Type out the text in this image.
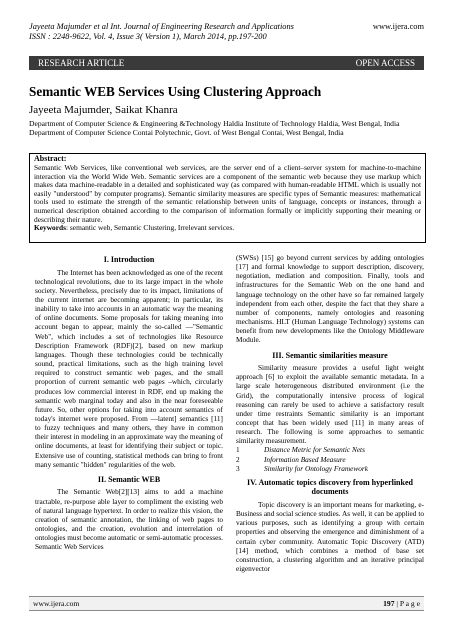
Jayeeta Majumder et al Int. Journal of Engineering Research and Applications	www.ijera.com
ISSN : 2248-9622, Vol. 4, Issue 3( Version 1), March 2014, pp.197-200
RESEARCH ARTICLE	OPEN ACCESS
Semantic WEB Services Using Clustering Approach
Jayeeta Majumder, Saikat Khanra
Department of Computer Science & Engineering &Technology Haldia Institute of Technology Haldia, West Bengal, India
Department of Computer Science Contai Polytechnic, Govt. of West Bengal Contai, West Bengal, India
Abstract:
Semantic Web Services, like conventional web services, are the server end of a client–server system for machine-to-machine interaction via the World Wide Web. Semantic services are a component of the semantic web because they use markup which makes data machine-readable in a detailed and sophisticated way (as compared with human-readable HTML which is usually not easily "understood" by computer programs). Semantic similarity measures are specific types of Semantic measures: mathematical tools used to estimate the strength of the semantic relationship between units of language, concepts or instances, through a numerical description obtained according to the comparison of information formally or implicitly supporting their meaning or describing their nature.
Keywords: semantic web, Semantic Clustering, Irrelevant services.
I. Introduction

The Internet has been acknowledged as one of the recent technological revolutions, due to its large impact in the whole society. Nevertheless, precisely due to its impact, limitations of the current internet are becoming apparent; in particular, its inability to take into accounts in an automatic way the meaning of online documents. Some proposals for taking meaning into account began to appear, mainly the so-called —"Semantic Web", which includes a set of technologies like Resource Description Framework (RDF)[2], based on new markup languages. Though these technologies could be technically sound, practical limitations, such as the high training level required to construct semantic web pages, and the small proportion of current semantic web pages –which, circularly produces low commercial interest in RDF, end up making the semantic web marginal today and also in the near foreseeable future. So, other options for taking into account semantics of today's internet were proposed. From —latent] semantics [11] to fuzzy techniques and many others, they have in common their interest in modeling in an approximate way the meaning of online documents, at least for identifying their subject or topic. Extensive use of counting, statistical methods can bring to front many semantic "hidden" regularities of the web.

II. Semantic WEB

The Semantic Web[2][13] aims to add a machine tractable, re-purpose able layer to compliment the existing web of natural language hypertext. In order to realize this vision, the creation of semantic annotation, the linking of web pages to ontologies, and the creation, evolution and interrelation of ontologies must become automatic or semi-automatic processes. Semantic Web Services

(SWSs) [15] go beyond current services by adding ontologies [17] and formal knowledge to support description, discovery, negotiation, mediation and composition. Finally, tools and infrastructures for the Semantic Web on the one hand and language technology on the other have so far remained largely independent from each other, despite the fact that they share a number of components, namely ontologies and reasoning mechanisms. HLT (Human Language Technology) systems can benefit from new developments like the Ontology Middleware Module.

III. Semantic similarities measure

Similarity measure provides a useful light weight approach [6] to exploit the available semantic metadata. In a large scale heterogeneous distributed environment (i.e the Grid), the computationally intensive process of logical reasoning can rarely be used to achieve a satisfactory result under time restraints Semantic similarity is an important concept that has been widely used [11] in many areas of research. The following is some approaches to semantic similarity measurement.

1	Distance Metric for Semantic Nets
2	Information Based Measure
3	Similarity for Ontology Framework
IV. Automatic topics discovery from hyperlinked documents

Topic discovery is an important means for marketing, e-Business and social science studies. As well, it can be applied to various purposes, such as identifying a group with certain properties and observing the emergence and diminishment of a certain cyber community. Automatic Topic Discovery (ATD) [14] method, which combines a method of base set construction, a clustering algorithm and an iterative principal eigenvector

www.ijera.com	197 | P a g e
